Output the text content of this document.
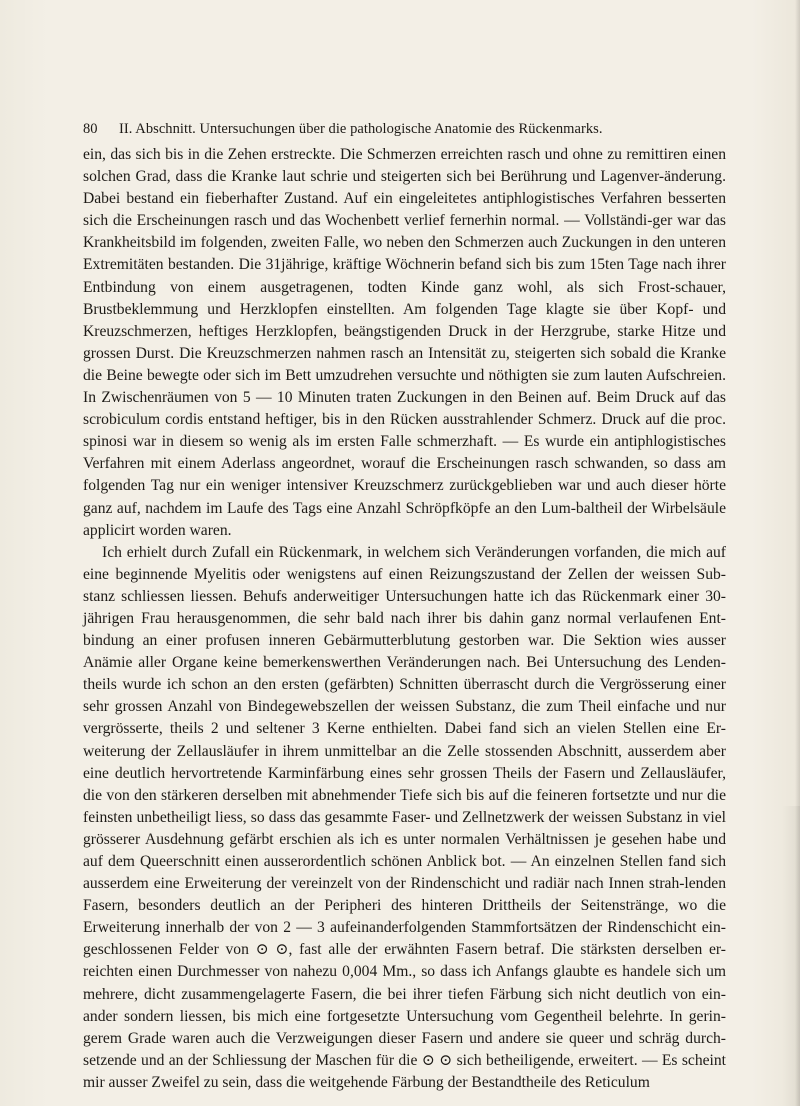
80 II. Abschnitt. Untersuchungen über die pathologische Anatomie des Rückenmarks.

ein, das sich bis in die Zehen erstreckte. Die Schmerzen erreichten rasch und ohne zu remittiren einen solchen Grad, dass die Kranke laut schrie und steigerten sich bei Berührung und Lagenver-änderung. Dabei bestand ein fieberhafter Zustand. Auf ein eingeleitetes antiphlogistisches Verfahren besserten sich die Erscheinungen rasch und das Wochenbett verlief fernerhin normal. — Vollständi-ger war das Krankheitsbild im folgenden, zweiten Falle, wo neben den Schmerzen auch Zuckungen in den unteren Extremitäten bestanden. Die 31jährige, kräftige Wöchnerin befand sich bis zum 15ten Tage nach ihrer Entbindung von einem ausgetragenen, todten Kinde ganz wohl, als sich Frost-schauer, Brustbeklemmung und Herzklopfen einstellten. Am folgenden Tage klagte sie über Kopf- und Kreuzschmerzen, heftiges Herzklopfen, beängstigenden Druck in der Herzgrube, starke Hitze und grossen Durst. Die Kreuzschmerzen nahmen rasch an Intensität zu, steigerten sich sobald die Kranke die Beine bewegte oder sich im Bett umzudrehen versuchte und nöthigten sie zum lauten Aufschreien. In Zwischenräumen von 5 — 10 Minuten traten Zuckungen in den Beinen auf. Beim Druck auf das scrobiculum cordis entstand heftiger, bis in den Rücken ausstrahlender Schmerz. Druck auf die proc. spinosi war in diesem so wenig als im ersten Falle schmerzhaft. — Es wurde ein antiphlogistisches Verfahren mit einem Aderlass angeordnet, worauf die Erscheinungen rasch schwanden, so dass am folgenden Tag nur ein weniger intensiver Kreuzschmerz zurückgeblieben war und auch dieser hörte ganz auf, nachdem im Laufe des Tags eine Anzahl Schröpfköpfe an den Lum-baltheil der Wirbelsäule applicirt worden waren.

Ich erhielt durch Zufall ein Rückenmark, in welchem sich Veränderungen vorfanden, die mich auf eine beginnende Myelitis oder wenigstens auf einen Reizungszustand der Zellen der weissen Sub-stanz schliessen liessen. Behufs anderweitiger Untersuchungen hatte ich das Rückenmark einer 30-jährigen Frau herausgenommen, die sehr bald nach ihrer bis dahin ganz normal verlaufenen Ent-bindung an einer profusen inneren Gebärmutterblutung gestorben war. Die Sektion wies ausser Anämie aller Organe keine bemerkenswerthen Veränderungen nach. Bei Untersuchung des Lenden-theils wurde ich schon an den ersten (gefärbten) Schnitten überrascht durch die Vergrösserung einer sehr grossen Anzahl von Bindegewebszellen der weissen Substanz, die zum Theil einfache und nur vergrösserte, theils 2 und seltener 3 Kerne enthielten. Dabei fand sich an vielen Stellen eine Er-weiterung der Zellausläufer in ihrem unmittelbar an die Zelle stossenden Abschnitt, ausserdem aber eine deutlich hervortretende Karminfärbung eines sehr grossen Theils der Fasern und Zellausläufer, die von den stärkeren derselben mit abnehmender Tiefe sich bis auf die feineren fortsetzte und nur die feinsten unbetheiligt liess, so dass das gesammte Faser- und Zellnetzwerk der weissen Substanz in viel grösserer Ausdehnung gefärbt erschien als ich es unter normalen Verhältnissen je gesehen habe und auf dem Queerschnitt einen ausserordentlich schönen Anblick bot. — An einzelnen Stellen fand sich ausserdem eine Erweiterung der vereinzelt von der Rindenschicht und radiär nach Innen strah-lenden Fasern, besonders deutlich an der Peripheri des hinteren Drittheils der Seitenstränge, wo die Erweiterung innerhalb der von 2 — 3 aufeinanderfolgenden Stammfortsätzen der Rindenschicht ein-geschlossenen Felder von ⊙ ⊙, fast alle der erwähnten Fasern betraf. Die stärksten derselben er-reichten einen Durchmesser von nahezu 0,004 Mm., so dass ich Anfangs glaubte es handele sich um mehrere, dicht zusammengelagerte Fasern, die bei ihrer tiefen Färbung sich nicht deutlich von ein-ander sondern liessen, bis mich eine fortgesetzte Untersuchung vom Gegentheil belehrte. In gerin-gerem Grade waren auch die Verzweigungen dieser Fasern und andere sie queer und schräg durch-setzende und an der Schliessung der Maschen für die ⊙ ⊙ sich betheiligende, erweitert. — Es scheint mir ausser Zweifel zu sein, dass die weitgehende Färbung der Bestandtheile des Reticulum
